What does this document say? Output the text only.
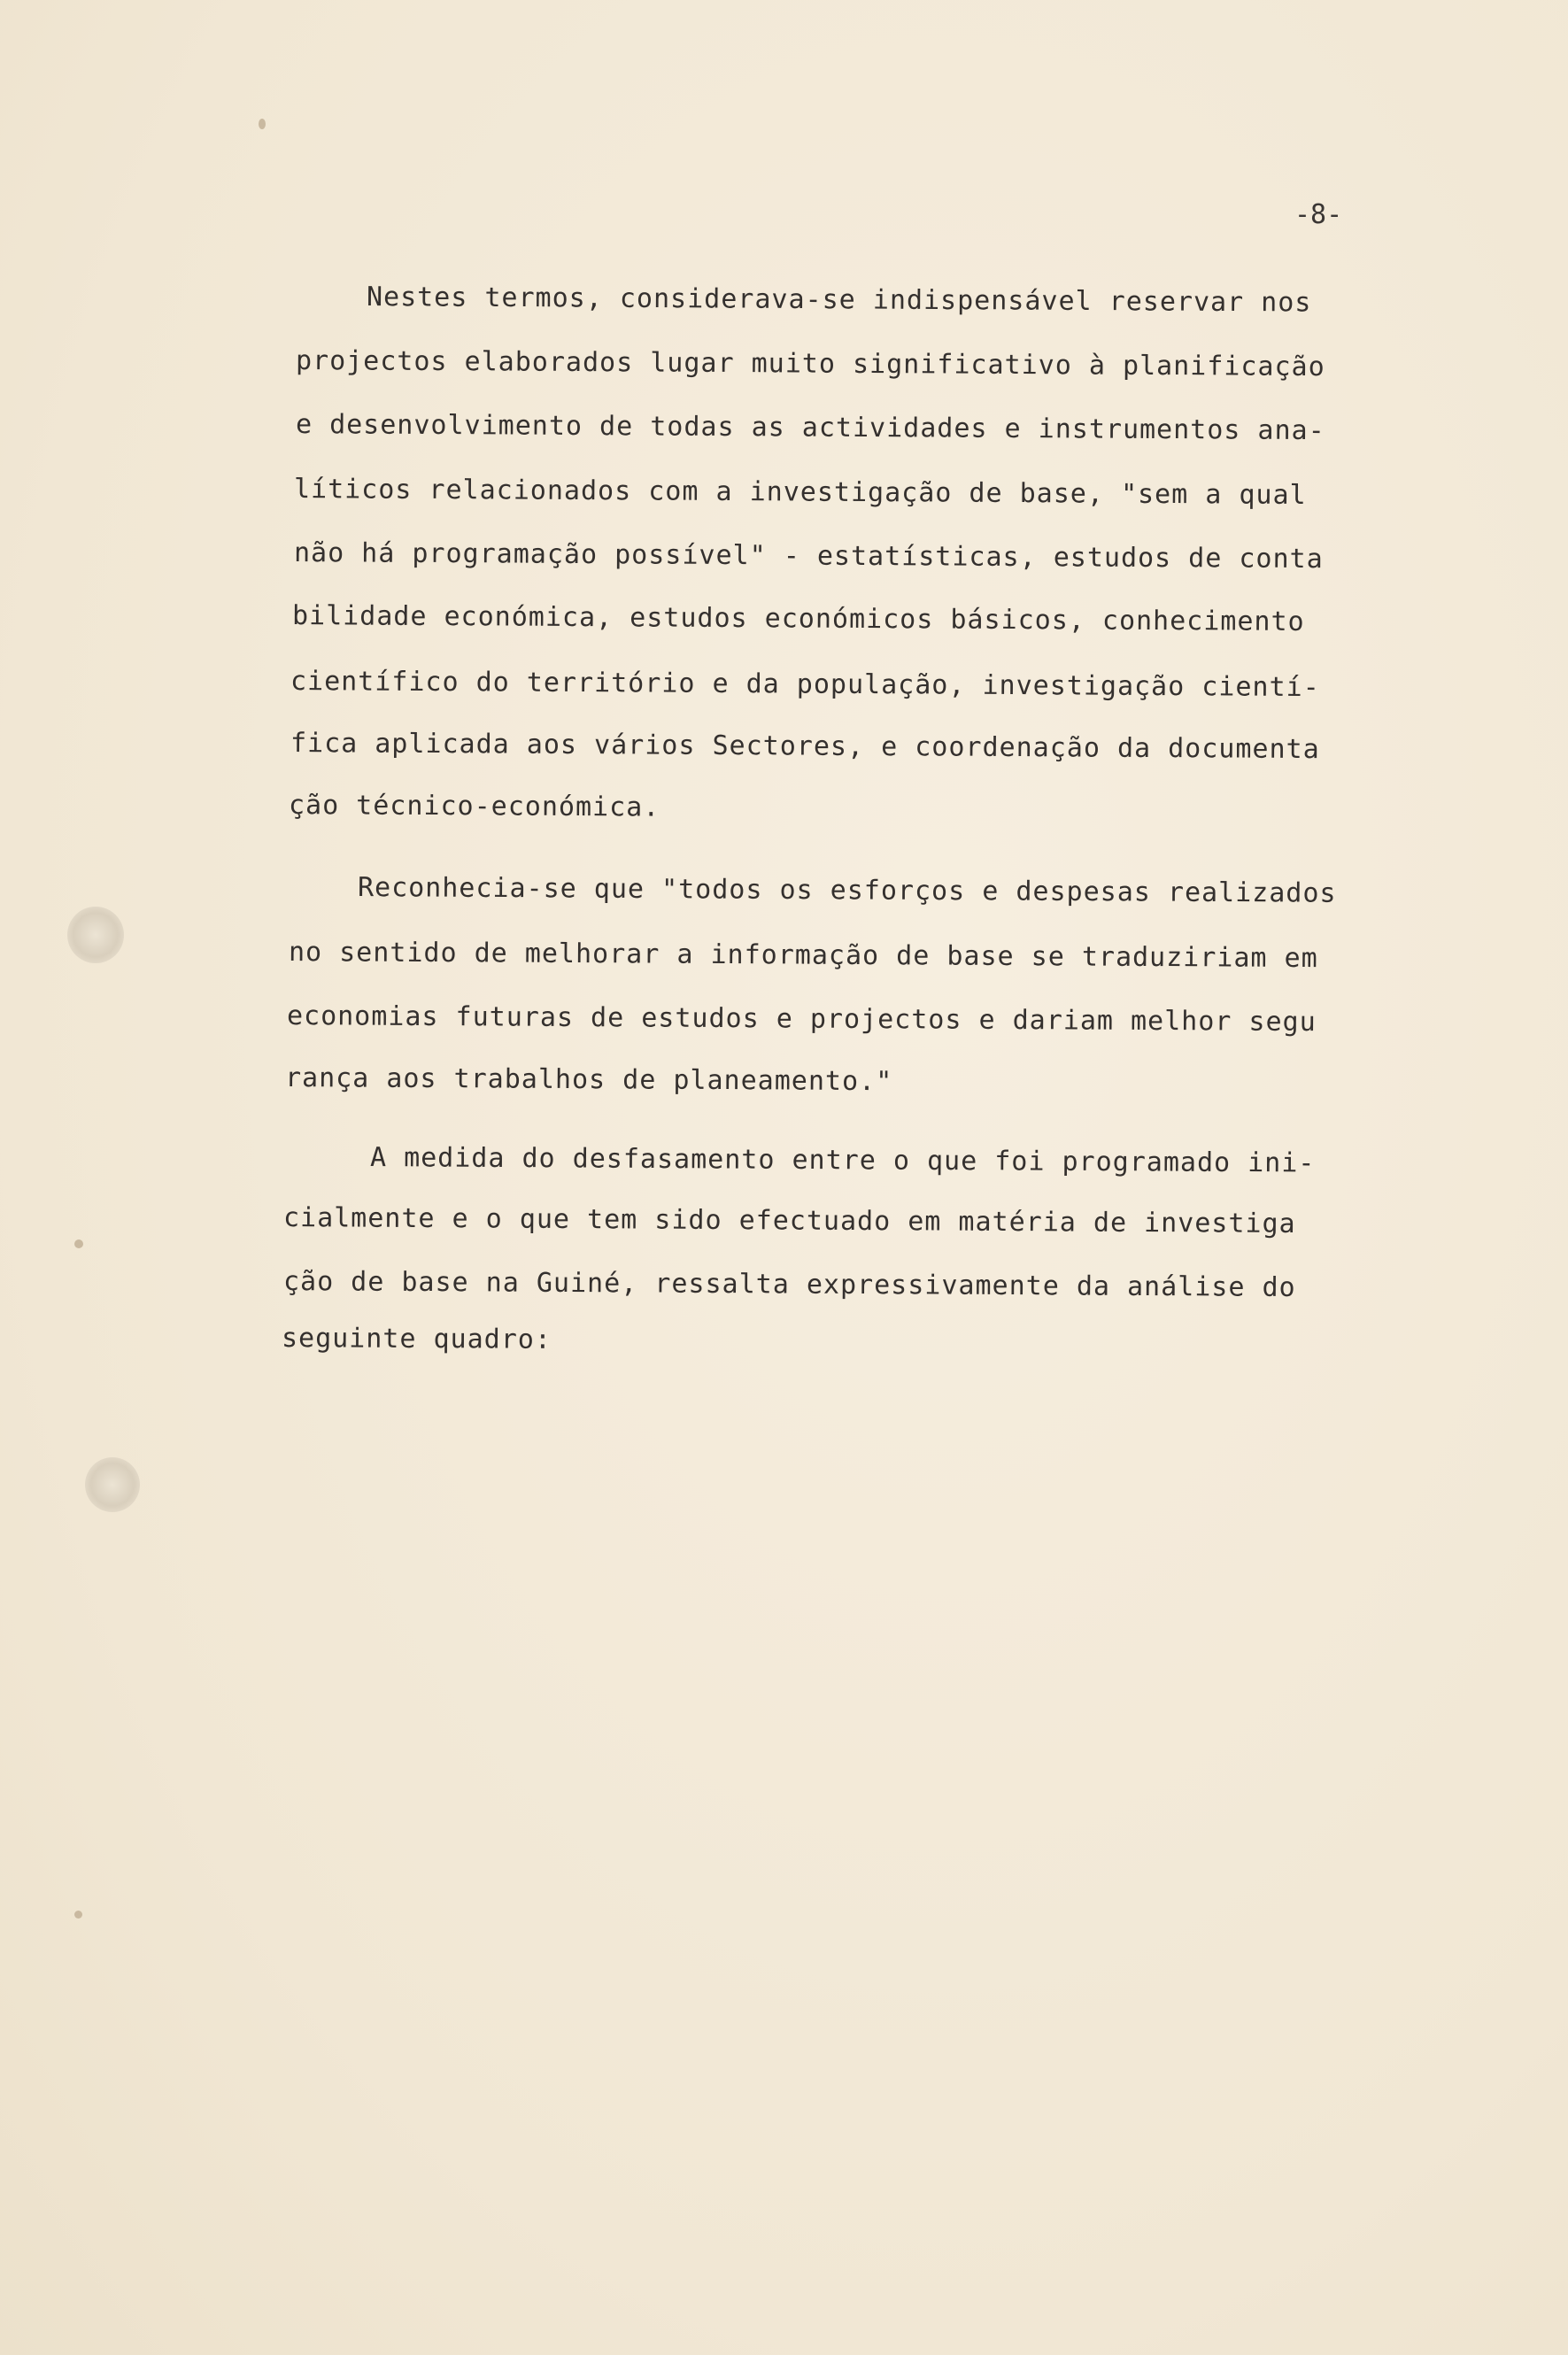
-8-
Nestes termos, considerava-se indispensável reservar nos
projectos elaborados lugar muito significativo à planificação
e desenvolvimento de todas as actividades e instrumentos ana-
líticos relacionados com a investigação de base, "sem a qual
não há programação possível" - estatísticas, estudos de conta
bilidade económica, estudos económicos básicos, conhecimento
científico do território e da população, investigação cientí-
fica aplicada aos vários Sectores, e coordenação da documenta
ção técnico-económica.
Reconhecia-se que "todos os esforços e despesas realizados
no sentido de melhorar a informação de base se traduziriam em
economias futuras de estudos e projectos e dariam melhor segu
rança aos trabalhos de planeamento."
A medida do desfasamento entre o que foi programado ini-
cialmente e o que tem sido efectuado em matéria de investiga
ção de base na Guiné, ressalta expressivamente da análise do
seguinte quadro:
